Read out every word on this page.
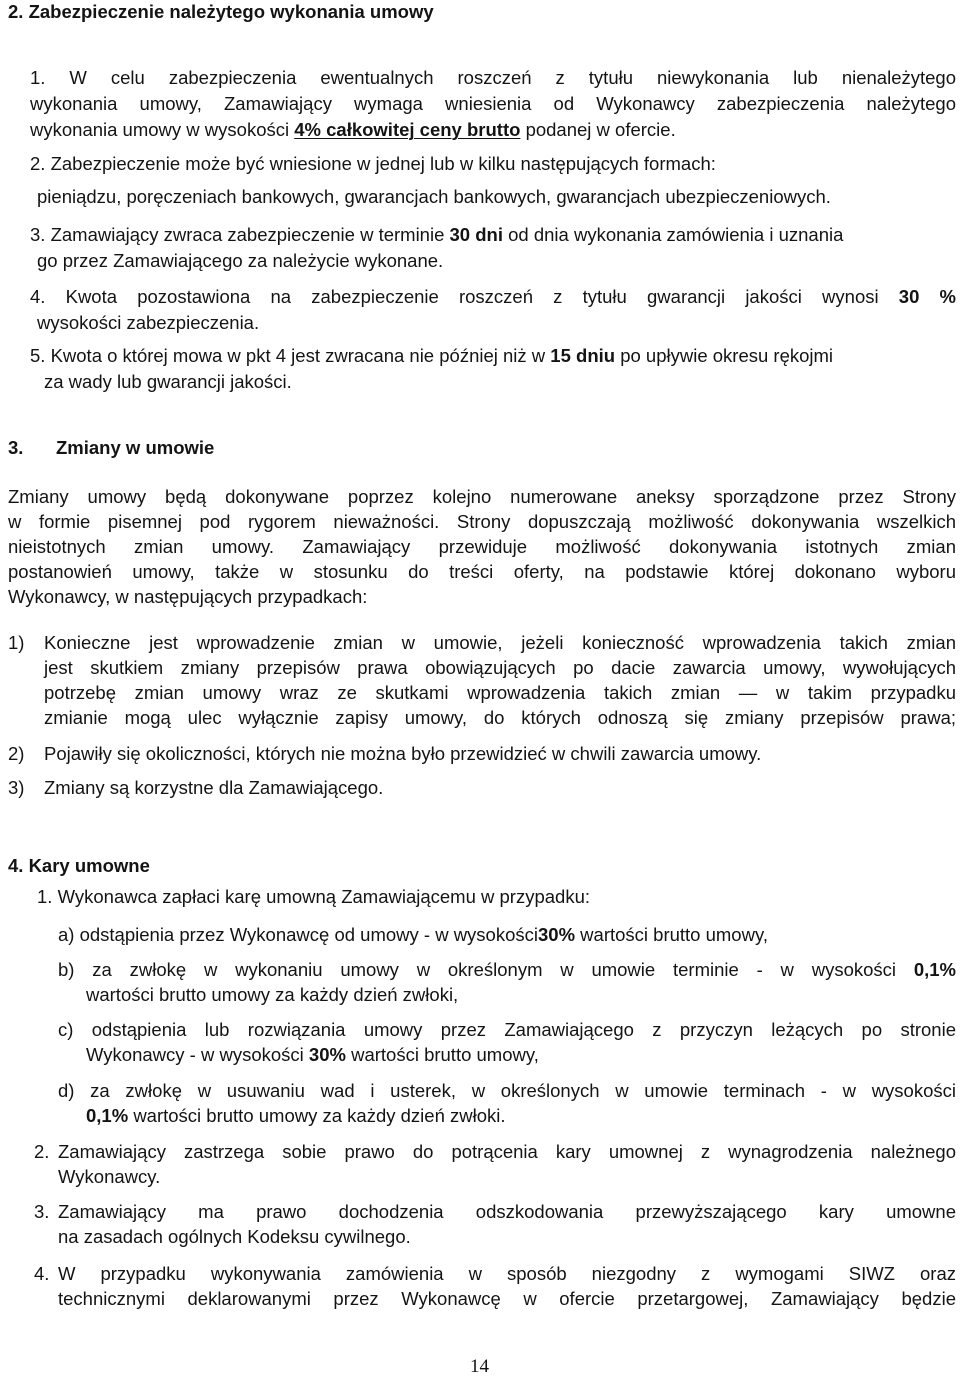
2. Zabezpieczenie należytego wykonania umowy
1. W celu zabezpieczenia ewentualnych roszczeń z tytułu niewykonania lub nienależytego
wykonania umowy, Zamawiający wymaga wniesienia od Wykonawcy zabezpieczenia należytego
wykonania umowy w wysokości 4% całkowitej ceny brutto podanej w ofercie.
2. Zabezpieczenie może być wniesione w jednej lub w kilku następujących formach:
pieniądzu, poręczeniach bankowych, gwarancjach bankowych, gwarancjach ubezpieczeniowych.
3. Zamawiający zwraca zabezpieczenie w terminie 30 dni od dnia wykonania zamówienia i uznania
go przez Zamawiającego za należycie wykonane.
4. Kwota pozostawiona na zabezpieczenie roszczeń z tytułu gwarancji jakości wynosi 30 %
wysokości zabezpieczenia.
5. Kwota o której mowa w pkt 4 jest zwracana nie później niż w 15 dniu po upływie okresu rękojmi
za wady lub gwarancji jakości.
3. Zmiany w umowie
Zmiany umowy będą dokonywane poprzez kolejno numerowane aneksy sporządzone przez Strony
w formie pisemnej pod rygorem nieważności. Strony dopuszczają możliwość dokonywania wszelkich
nieistotnych zmian umowy. Zamawiający przewiduje możliwość dokonywania istotnych zmian
postanowień umowy, także w stosunku do treści oferty, na podstawie której dokonano wyboru
Wykonawcy, w następujących przypadkach:
1) Konieczne jest wprowadzenie zmian w umowie, jeżeli konieczność wprowadzenia takich zmian
jest skutkiem zmiany przepisów prawa obowiązujących po dacie zawarcia umowy, wywołujących
potrzebę zmian umowy wraz ze skutkami wprowadzenia takich zmian — w takim przypadku
zmianie mogą ulec wyłącznie zapisy umowy, do których odnoszą się zmiany przepisów prawa;
2) Pojawiły się okoliczności, których nie można było przewidzieć w chwili zawarcia umowy.
3) Zmiany są korzystne dla Zamawiającego.
4. Kary umowne
1. Wykonawca zapłaci karę umowną Zamawiającemu w przypadku:
a) odstąpienia przez Wykonawcę od umowy - w wysokości30% wartości brutto umowy,
b) za zwłokę w wykonaniu umowy w określonym w umowie terminie - w wysokości 0,1%
wartości brutto umowy za każdy dzień zwłoki,
c) odstąpienia lub rozwiązania umowy przez Zamawiającego z przyczyn leżących po stronie
Wykonawcy - w wysokości 30% wartości brutto umowy,
d) za zwłokę w usuwaniu wad i usterek, w określonych w umowie terminach - w wysokości
0,1% wartości brutto umowy za każdy dzień zwłoki.
2. Zamawiający zastrzega sobie prawo do potrącenia kary umownej z wynagrodzenia należnego
Wykonawcy.
3. Zamawiający ma prawo dochodzenia odszkodowania przewyższającego kary umowne
na zasadach ogólnych Kodeksu cywilnego.
4. W przypadku wykonywania zamówienia w sposób niezgodny z wymogami SIWZ oraz
technicznymi deklarowanymi przez Wykonawcę w ofercie przetargowej, Zamawiający będzie
14
